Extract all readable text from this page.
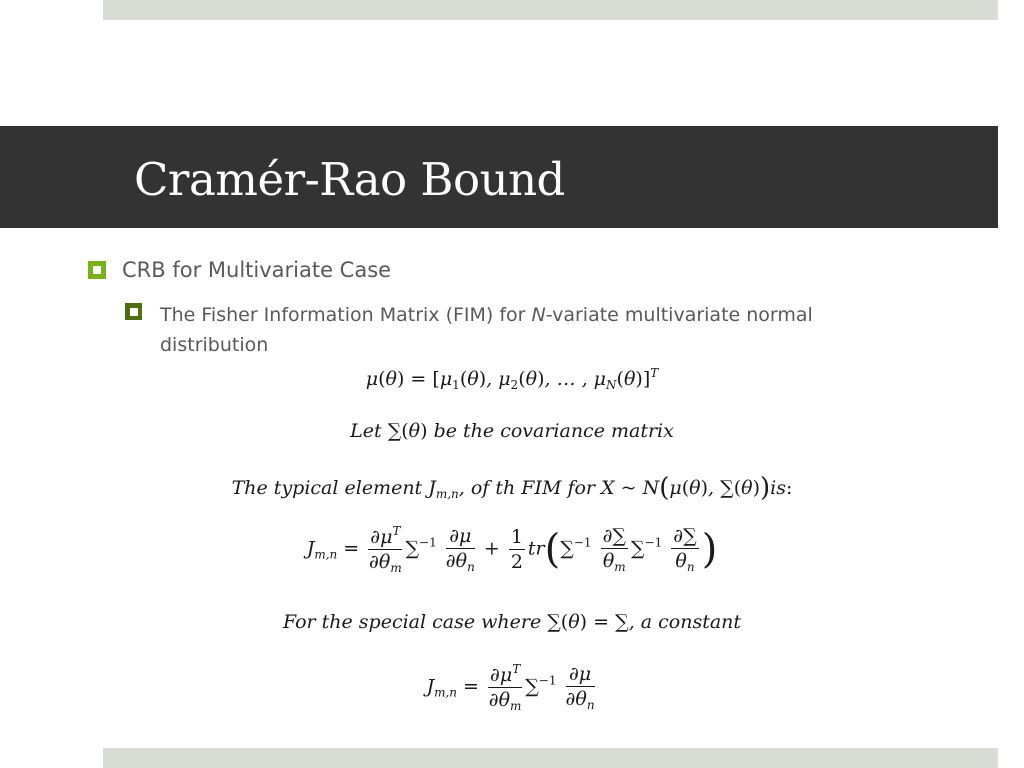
Cramér-Rao Bound
CRB for Multivariate Case
The Fisher Information Matrix (FIM) for N-variate multivariate normal distribution
$\mu(\theta) = [\mu_1(\theta)$, $\mu_2(\theta)$, … , $\mu_N(\theta)]^T$
Let ∑(θ) be the covariance matrix
The typical element $J_{m,n}$, of th FIM for X ~ N(μ(θ), ∑(θ))is:
$J_{m,n} = \frac{\partial\mu^T}{\partial\theta_m} \sum^{-1} \frac{\partial\mu}{\partial\theta_n} + \frac{1}{2} tr(\sum^{-1} \frac{\partial\sum}{\theta_m} \sum^{-1} \frac{\partial\sum}{\theta_n}$ )
For the special case where ∑(θ) = ∑, a constant
$J_{m,n} = \frac{\partial\mu^T}{\partial\theta_m} \sum^{-1} \frac{\partial\mu}{\partial\theta_n}$
